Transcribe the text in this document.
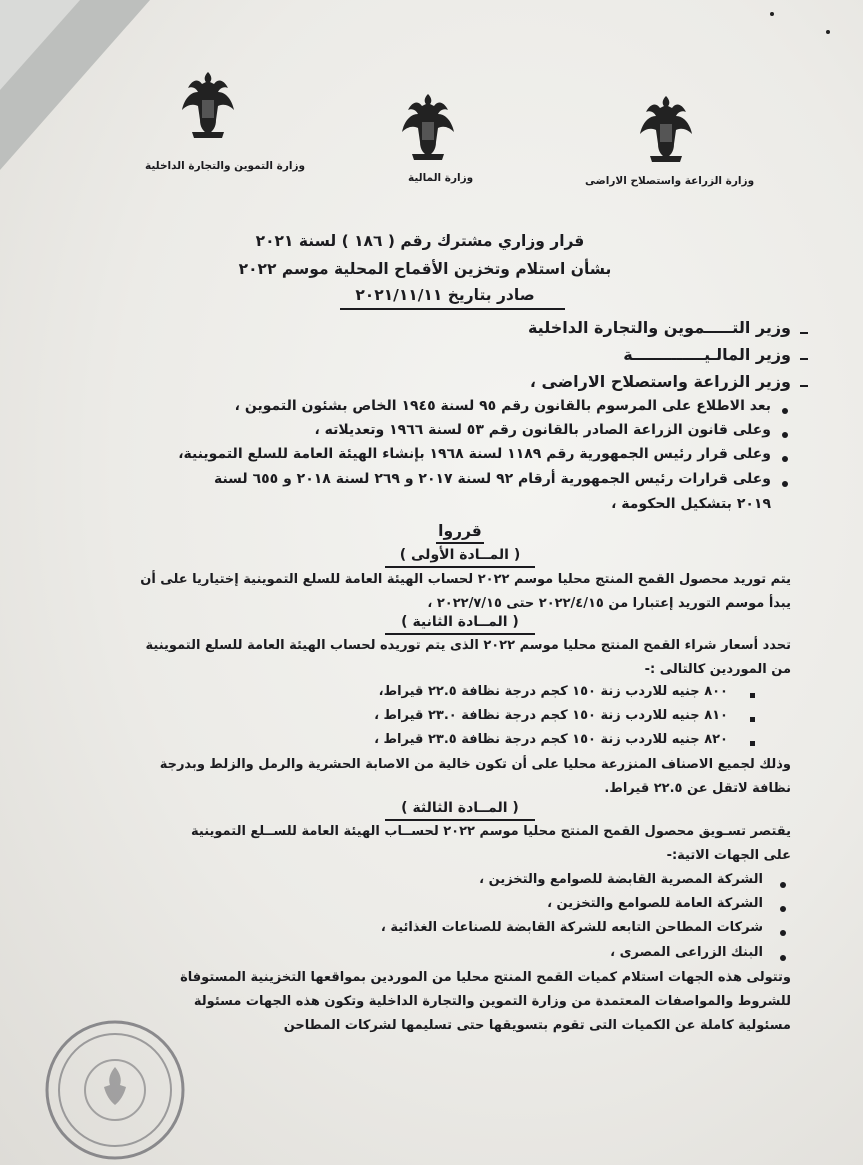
وزارة التموين والتجارة الداخلية
وزارة المالية	وزارة الزراعة واستصلاح الاراضى
قرار وزاري مشترك رقم ( ١٨٦ ) لسنة ٢٠٢١
بشأن استلام وتخزين الأقماح المحلية موسم ٢٠٢٢
صادر بتاريخ ٢٠٢١/١١/١١
وزير التـــــموين والتجارة الداخلية
وزير المالـيـــــــــــــة
وزير الزراعة واستصلاح الاراضى ،
بعد الاطلاع على المرسوم بالقانون رقم ٩٥ لسنة ١٩٤٥ الخاص بشئون التموين ،
وعلى قانون الزراعة الصادر بالقانون رقم ٥٣ لسنة ١٩٦٦ وتعديلاته ،
وعلى قرار رئيس الجمهورية رقم ١١٨٩ لسنة ١٩٦٨ بإنشاء الهيئة العامة للسلع التموينية،
وعلى قرارات رئيس الجمهورية أرقام ٩٢ لسنة ٢٠١٧ و ٢٦٩ لسنة ٢٠١٨ و ٦٥٥ لسنة
٢٠١٩ بتشكيل الحكومة ،
قرروا
( المــادة الأولى )
يتم توريد محصول القمح المنتج محليا موسم ٢٠٢٢ لحساب الهيئة العامة للسلع التموينية إختياريا على أن
يبدأ موسم التوريد إعتبارا من ٢٠٢٢/٤/١٥ حتى ٢٠٢٢/٧/١٥ ،
( المــادة الثانية )
تحدد أسعار شراء القمح المنتج محليا موسم ٢٠٢٢ الذى يتم توريده لحساب الهيئة العامة للسلع التموينية
من الموردين كالتالى :-
٨٠٠ جنيه للاردب زنة ١٥٠ كجم درجة نظافة ٢٢.٥ قيراط،
٨١٠ جنيه للاردب زنة ١٥٠ كجم درجة نظافة ٢٣.٠ قيراط ،
٨٢٠ جنيه للاردب زنة ١٥٠ كجم درجة نظافة ٢٣.٥ قيراط ،
وذلك لجميع الاصناف المنزرعة محليا على أن تكون خالية من الاصابة الحشرية والرمل والزلط وبدرجة
نظافة لاتقل عن ٢٢.٥ قيراط.
( المــادة الثالثة )
يقتصر تسـويق محصول القمح المنتج محليا موسم ٢٠٢٢ لحســاب الهيئة العامة للســلع التموينية
على الجهات الاتية:-
الشركة المصرية القابضة للصوامع والتخزين ،
الشركة العامة للصوامع والتخزين ،
شركات المطاحن التابعه للشركة القابضة للصناعات الغذائية ،
البنك الزراعى المصرى ،
وتتولى هذه الجهات استلام كميات القمح المنتج محليا من الموردين بمواقعها التخزينية المستوفاة
للشروط والمواصفات المعتمدة من وزارة التموين والتجارة الداخلية وتكون هذه الجهات مسئولة
مسئولية كاملة عن الكميات التى تقوم بتسويقها حتى تسليمها لشركات المطاحن
